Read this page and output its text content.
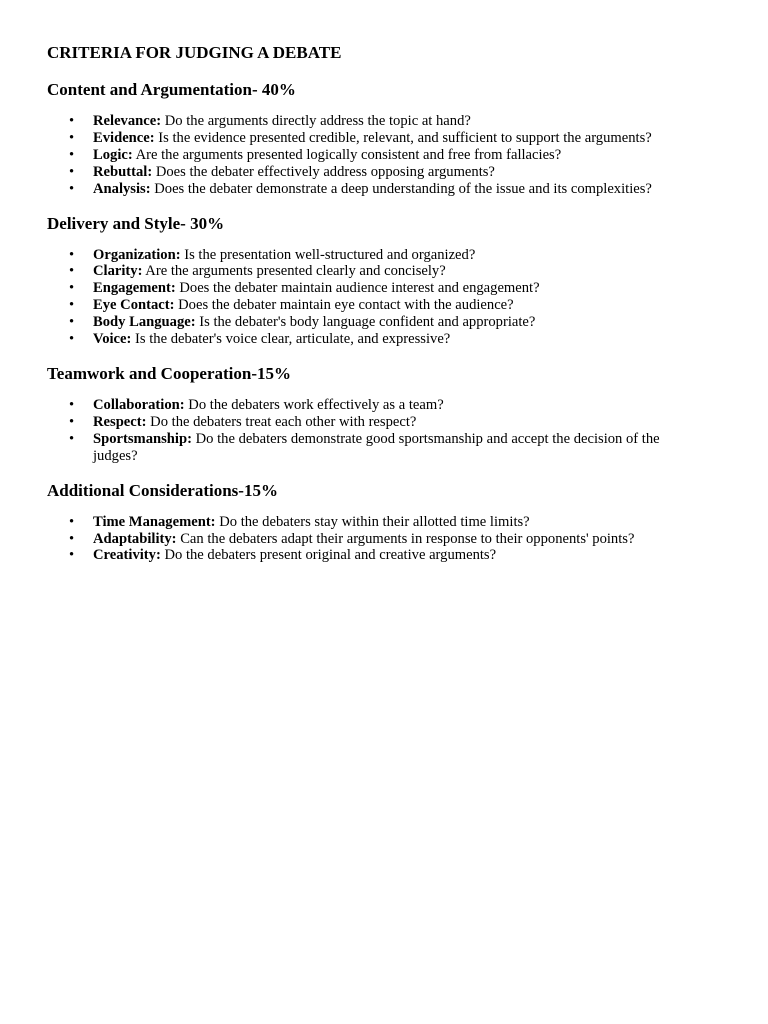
CRITERIA FOR JUDGING A DEBATE
Content and Argumentation- 40%
• Relevance: Do the arguments directly address the topic at hand?
• Evidence: Is the evidence presented credible, relevant, and sufficient to support the arguments?
• Logic: Are the arguments presented logically consistent and free from fallacies?
• Rebuttal: Does the debater effectively address opposing arguments?
• Analysis: Does the debater demonstrate a deep understanding of the issue and its complexities?
Delivery and Style- 30%
• Organization: Is the presentation well-structured and organized?
• Clarity: Are the arguments presented clearly and concisely?
• Engagement: Does the debater maintain audience interest and engagement?
• Eye Contact: Does the debater maintain eye contact with the audience?
• Body Language: Is the debater's body language confident and appropriate?
• Voice: Is the debater's voice clear, articulate, and expressive?
Teamwork and Cooperation-15%
• Collaboration: Do the debaters work effectively as a team?
• Respect: Do the debaters treat each other with respect?
• Sportsmanship: Do the debaters demonstrate good sportsmanship and accept the decision of the judges?
Additional Considerations-15%
• Time Management: Do the debaters stay within their allotted time limits?
• Adaptability: Can the debaters adapt their arguments in response to their opponents' points?
• Creativity: Do the debaters present original and creative arguments?
